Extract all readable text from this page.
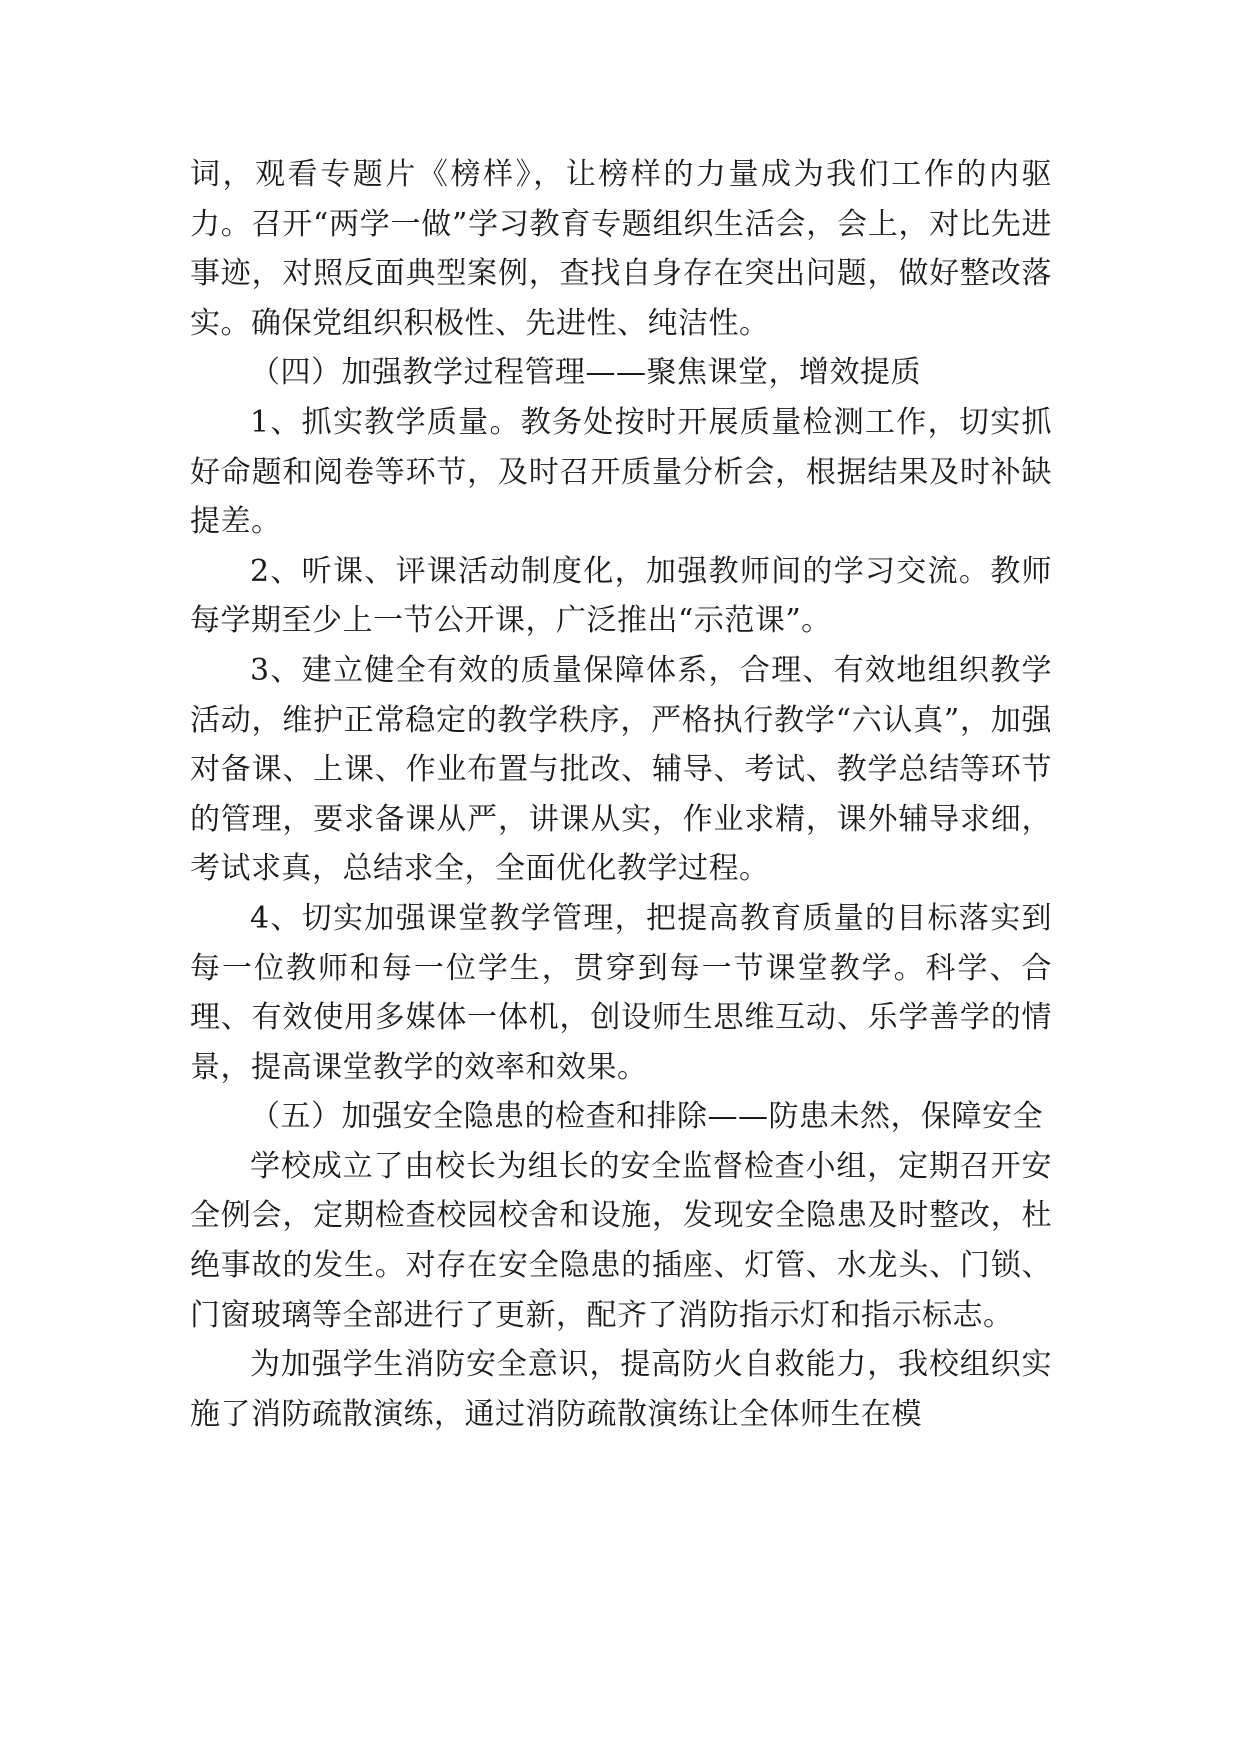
词，观看专题片《榜样》，让榜样的力量成为我们工作的内驱力。召开“两学一做”学习教育专题组织生活会，会上，对比先进事迹，对照反面典型案例，查找自身存在突出问题，做好整改落实。确保党组织积极性、先进性、纯洁性。

（四）加强教学过程管理——聚焦课堂，增效提质

1、抓实教学质量。教务处按时开展质量检测工作，切实抓好命题和阅卷等环节，及时召开质量分析会，根据结果及时补缺提差。

2、听课、评课活动制度化，加强教师间的学习交流。教师每学期至少上一节公开课，广泛推出“示范课”。

3、建立健全有效的质量保障体系，合理、有效地组织教学活动，维护正常稳定的教学秩序，严格执行教学“六认真”，加强对备课、上课、作业布置与批改、辅导、考试、教学总结等环节的管理，要求备课从严，讲课从实，作业求精，课外辅导求细，考试求真，总结求全，全面优化教学过程。

4、切实加强课堂教学管理，把提高教育质量的目标落实到每一位教师和每一位学生，贯穿到每一节课堂教学。科学、合理、有效使用多媒体一体机，创设师生思维互动、乐学善学的情景，提高课堂教学的效率和效果。

（五）加强安全隐患的检查和排除——防患未然，保障安全

学校成立了由校长为组长的安全监督检查小组，定期召开安全例会，定期检查校园校舍和设施，发现安全隐患及时整改，杜绝事故的发生。对存在安全隐患的插座、灯管、水龙头、门锁、门窗玻璃等全部进行了更新，配齐了消防指示灯和指示标志。

为加强学生消防安全意识，提高防火自救能力，我校组织实施了消防疏散演练，通过消防疏散演练让全体师生在模
